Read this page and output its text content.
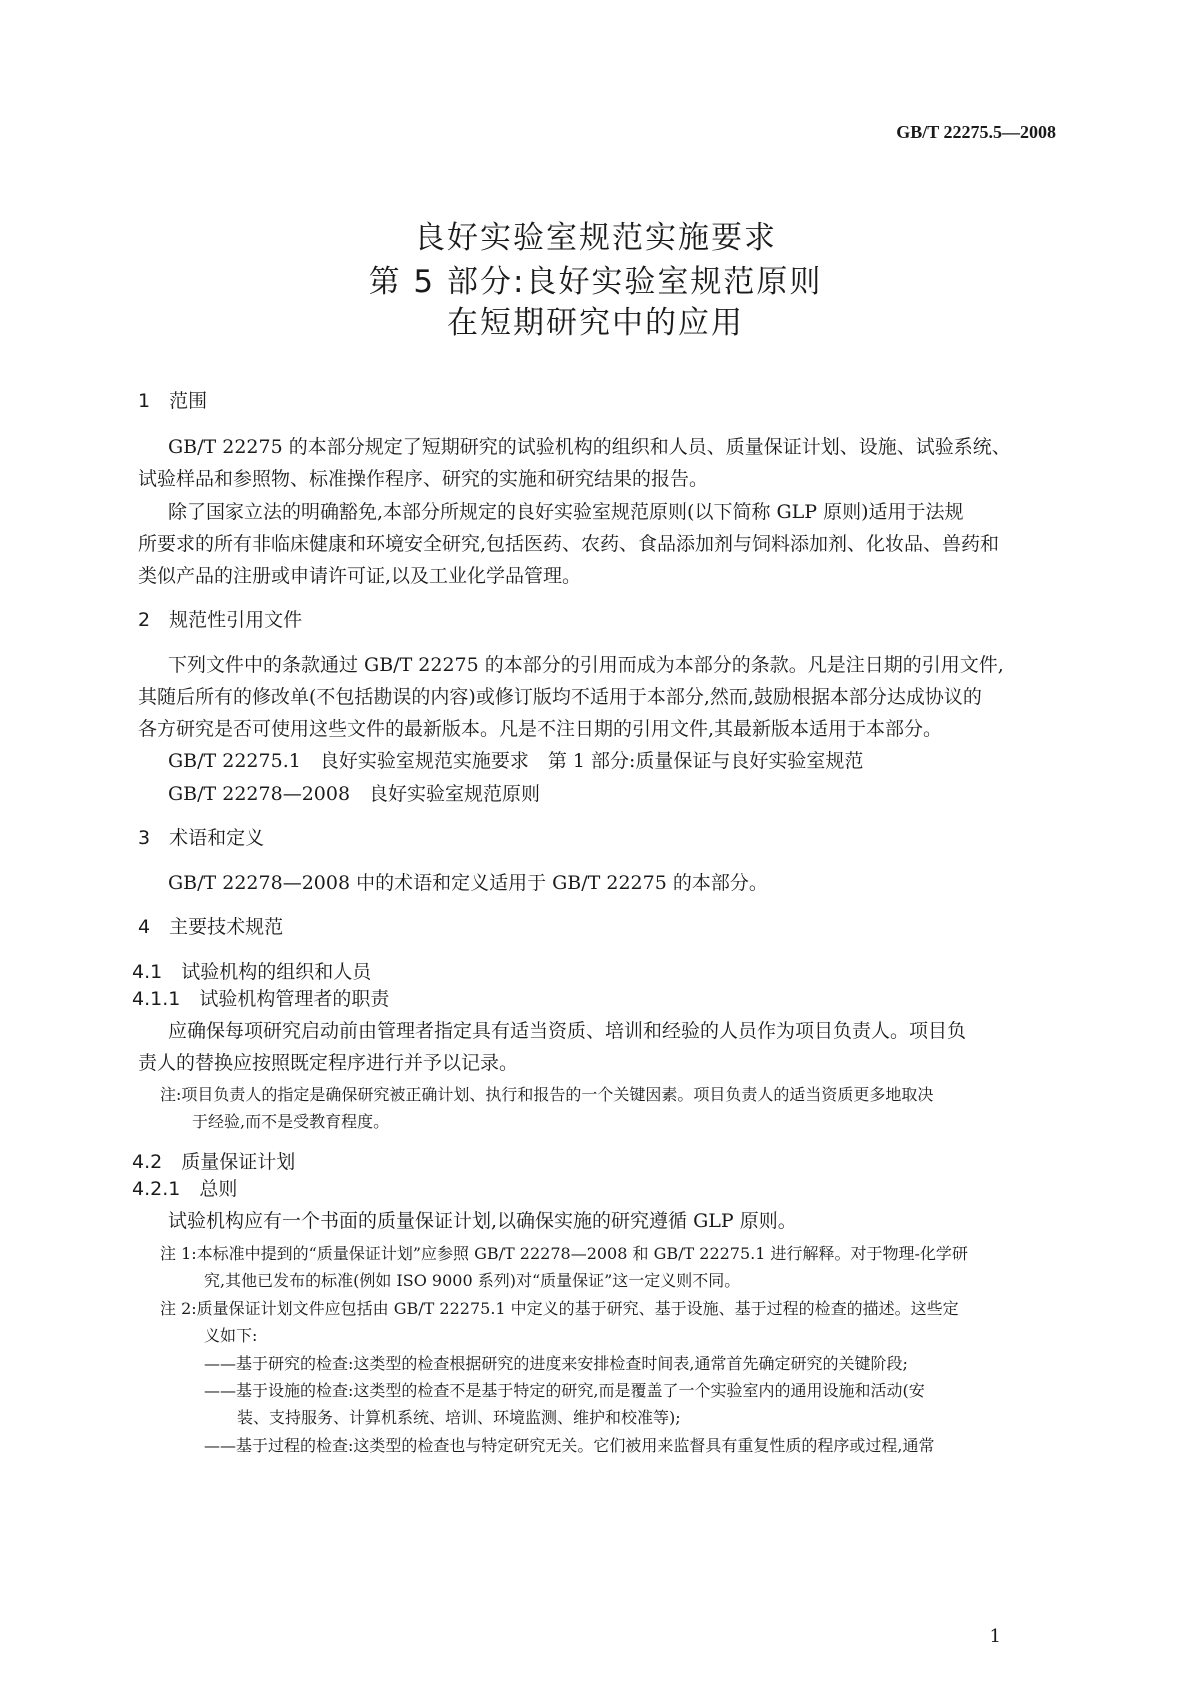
GB/T 22275.5—2008
良好实验室规范实施要求
第 5 部分:良好实验室规范原则
在短期研究中的应用
1　范围
GB/T 22275 的本部分规定了短期研究的试验机构的组织和人员、质量保证计划、设施、试验系统、
试验样品和参照物、标准操作程序、研究的实施和研究结果的报告。
除了国家立法的明确豁免,本部分所规定的良好实验室规范原则(以下简称 GLP 原则)适用于法规
所要求的所有非临床健康和环境安全研究,包括医药、农药、食品添加剂与饲料添加剂、化妆品、兽药和
类似产品的注册或申请许可证,以及工业化学品管理。
2　规范性引用文件
下列文件中的条款通过 GB/T 22275 的本部分的引用而成为本部分的条款。凡是注日期的引用文件,
其随后所有的修改单(不包括勘误的内容)或修订版均不适用于本部分,然而,鼓励根据本部分达成协议的
各方研究是否可使用这些文件的最新版本。凡是不注日期的引用文件,其最新版本适用于本部分。
GB/T 22275.1　良好实验室规范实施要求　第 1 部分:质量保证与良好实验室规范
GB/T 22278—2008　良好实验室规范原则
3　术语和定义
GB/T 22278—2008 中的术语和定义适用于 GB/T 22275 的本部分。
4　主要技术规范
4.1　试验机构的组织和人员
4.1.1　试验机构管理者的职责
应确保每项研究启动前由管理者指定具有适当资质、培训和经验的人员作为项目负责人。项目负
责人的替换应按照既定程序进行并予以记录。
注:项目负责人的指定是确保研究被正确计划、执行和报告的一个关键因素。项目负责人的适当资质更多地取决
于经验,而不是受教育程度。
4.2　质量保证计划
4.2.1　总则
试验机构应有一个书面的质量保证计划,以确保实施的研究遵循 GLP 原则。
注 1:本标准中提到的“质量保证计划”应参照 GB/T 22278—2008 和 GB/T 22275.1 进行解释。对于物理-化学研
究,其他已发布的标准(例如 ISO 9000 系列)对“质量保证”这一定义则不同。
注 2:质量保证计划文件应包括由 GB/T 22275.1 中定义的基于研究、基于设施、基于过程的检查的描述。这些定
义如下:
——基于研究的检查:这类型的检查根据研究的进度来安排检查时间表,通常首先确定研究的关键阶段;
——基于设施的检查:这类型的检查不是基于特定的研究,而是覆盖了一个实验室内的通用设施和活动(安
装、支持服务、计算机系统、培训、环境监测、维护和校准等);
——基于过程的检查:这类型的检查也与特定研究无关。它们被用来监督具有重复性质的程序或过程,通常
1
